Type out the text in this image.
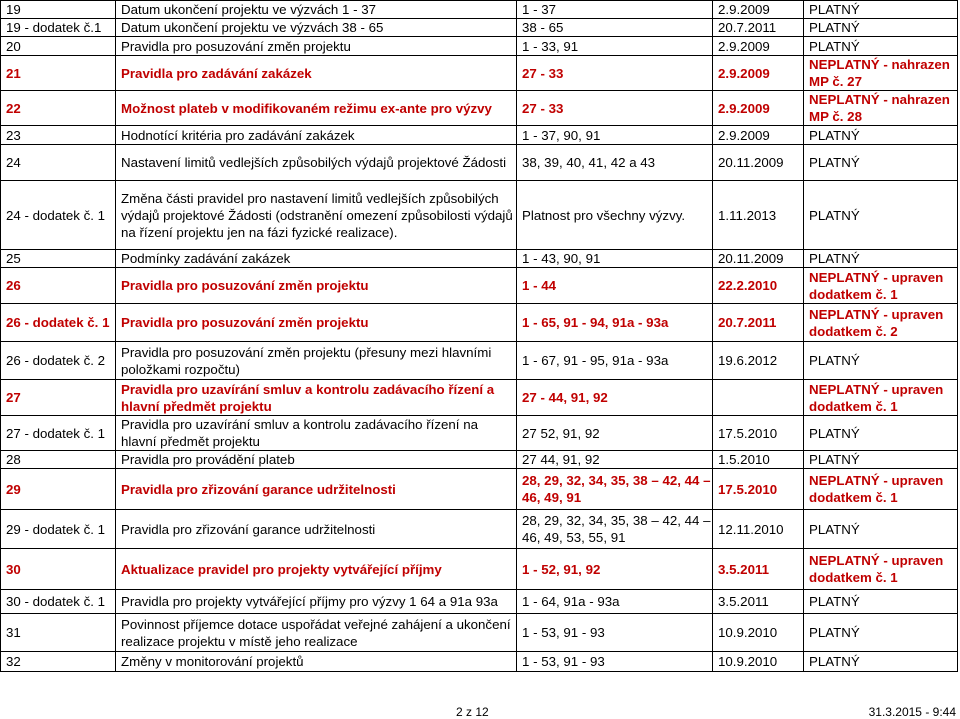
19	Datum ukončení projektu ve výzvách 1 - 37	1 - 37	2.9.2009	PLATNÝ
19 - dodatek č.1	Datum ukončení projektu ve výzvách 38 - 65	38 - 65	20.7.2011	PLATNÝ
20	Pravidla pro posuzování změn projektu	1 - 33, 91	2.9.2009	PLATNÝ
21	Pravidla pro zadávání zakázek	27 - 33	2.9.2009	NEPLATNÝ - nahrazen MP č. 27
22	Možnost plateb v modifikovaném režimu ex-ante pro výzvy	27 - 33	2.9.2009	NEPLATNÝ - nahrazen MP č. 28
23	Hodnotící kritéria pro zadávání zakázek	1 - 37, 90, 91	2.9.2009	PLATNÝ
24	Nastavení limitů vedlejších způsobilých výdajů projektové Žádosti	38, 39, 40, 41, 42 a 43	20.11.2009	PLATNÝ
24 - dodatek č. 1	Změna části pravidel pro nastavení limitů vedlejších způsobilých výdajů projektové Žádosti (odstranění omezení způsobilosti výdajů na řízení projektu jen na fázi fyzické realizace).	Platnost pro všechny výzvy.	1.11.2013	PLATNÝ
25	Podmínky zadávání zakázek	1 - 43, 90, 91	20.11.2009	PLATNÝ
26	Pravidla pro posuzování změn projektu	1 - 44	22.2.2010	NEPLATNÝ - upraven dodatkem č. 1
26 - dodatek č. 1	Pravidla pro posuzování změn projektu	1 - 65, 91 - 94, 91a - 93a	20.7.2011	NEPLATNÝ - upraven dodatkem č. 2
26 - dodatek č. 2	Pravidla pro posuzování změn projektu (přesuny mezi hlavními položkami rozpočtu)	1 - 67, 91 - 95, 91a - 93a	19.6.2012	PLATNÝ
27	Pravidla pro uzavírání smluv a kontrolu zadávacího řízení a hlavní předmět projektu	27 - 44, 91, 92		NEPLATNÝ - upraven dodatkem č. 1
27 - dodatek č. 1	Pravidla pro uzavírání smluv a kontrolu zadávacího řízení na hlavní předmět projektu	27 52, 91, 92	17.5.2010	PLATNÝ
28	Pravidla pro provádění plateb	27 44, 91, 92	1.5.2010	PLATNÝ
29	Pravidla pro zřizování garance udržitelnosti	28, 29, 32, 34, 35, 38 – 42, 44 – 46, 49, 91	17.5.2010	NEPLATNÝ - upraven dodatkem č. 1
29 - dodatek č. 1	Pravidla pro zřizování garance udržitelnosti	28, 29, 32, 34, 35, 38 – 42, 44 – 46, 49, 53, 55, 91	12.11.2010	PLATNÝ
30	Aktualizace pravidel pro projekty vytvářející příjmy	1 - 52, 91, 92	3.5.2011	NEPLATNÝ - upraven dodatkem č. 1
30 - dodatek č. 1	Pravidla pro projekty vytvářející příjmy pro výzvy 1 64 a 91a 93a	1 - 64, 91a - 93a	3.5.2011	PLATNÝ
31	Povinnost příjemce dotace uspořádat veřejné zahájení a ukončení realizace projektu v místě jeho realizace	1 - 53, 91 - 93	10.9.2010	PLATNÝ
32	Změny v monitorování projektů	1 - 53, 91 - 93	10.9.2010	PLATNÝ
2 z 12	31.3.2015 - 9:44
